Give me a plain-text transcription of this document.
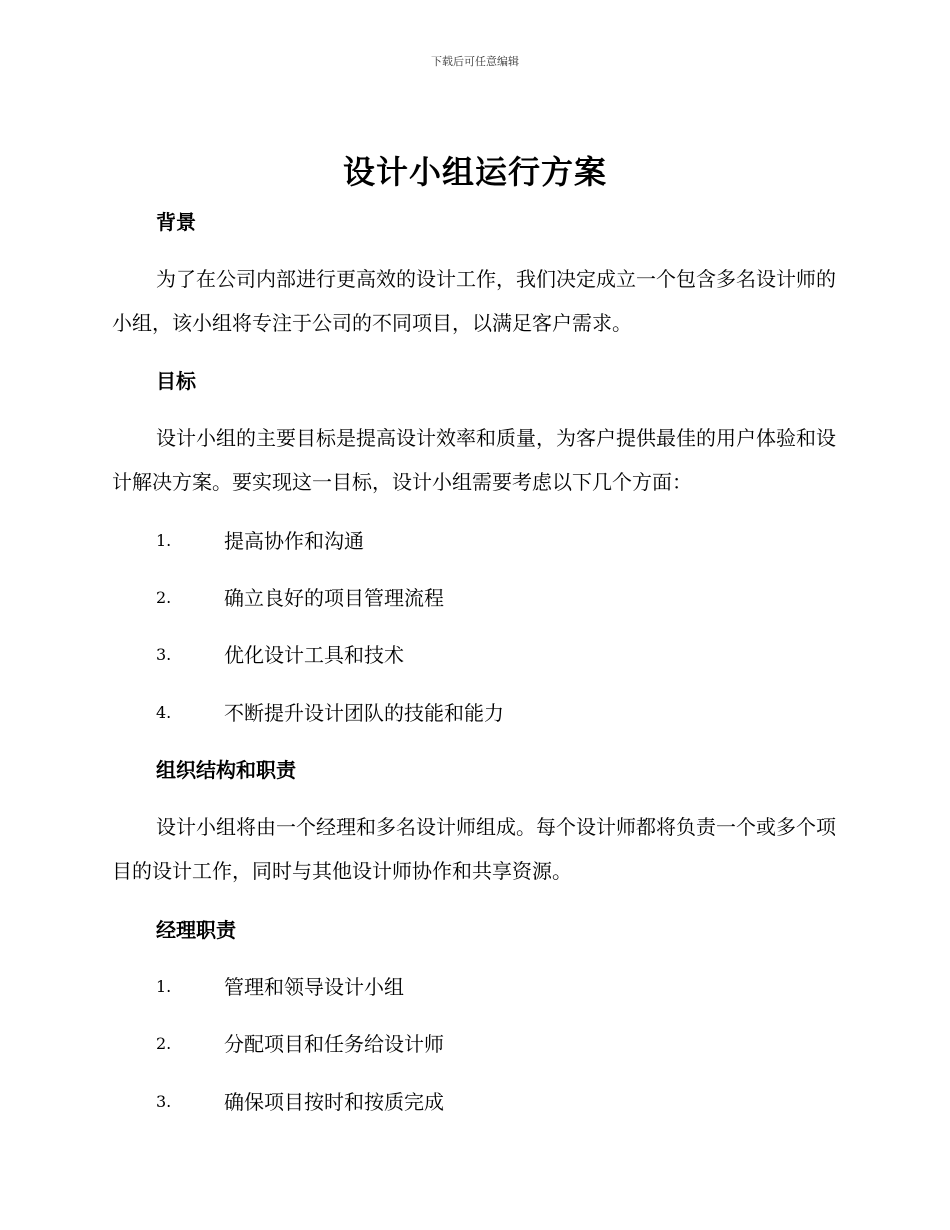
下载后可任意编辑
设计小组运行方案
背景
为了在公司内部进行更高效的设计工作，我们决定成立一个包含多名设计师的小组，该小组将专注于公司的不同项目，以满足客户需求。
目标
设计小组的主要目标是提高设计效率和质量，为客户提供最佳的用户体验和设计解决方案。要实现这一目标，设计小组需要考虑以下几个方面：
1.	提高协作和沟通
2.	确立良好的项目管理流程
3.	优化设计工具和技术
4.	不断提升设计团队的技能和能力
组织结构和职责
设计小组将由一个经理和多名设计师组成。每个设计师都将负责一个或多个项目的设计工作，同时与其他设计师协作和共享资源。
经理职责
1.	管理和领导设计小组
2.	分配项目和任务给设计师
3.	确保项目按时和按质完成
